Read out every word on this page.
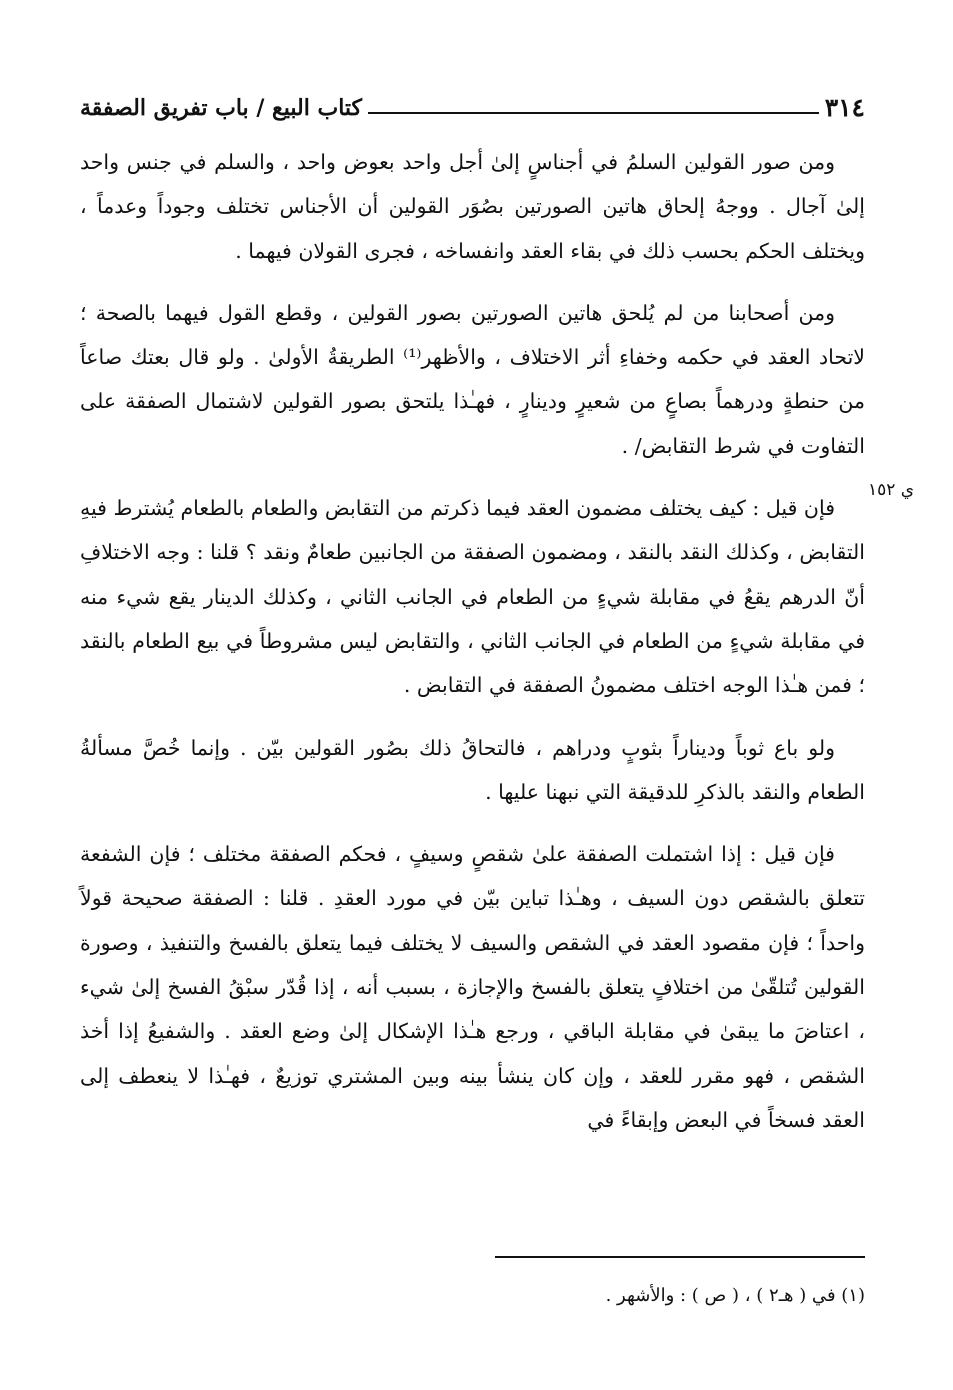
٣١٤
كتاب البيع / باب تفريق الصفقة

ومن صور القولين السلمُ في أجناسٍ إلىٰ أجل واحد بعوض واحد ، والسلم في جنس واحد إلىٰ آجال . ووجهُ إلحاق هاتين الصورتين بصُوَر القولين أن الأجناس تختلف وجوداً وعدماً ، ويختلف الحكم بحسب ذلك في بقاء العقد وانفساخه ، فجرى القولان فيهما .

ومن أصحابنا من لم يُلحق هاتين الصورتين بصور القولين ، وقطع القول فيهما بالصحة ؛ لاتحاد العقد في حكمه وخفاءِ أثر الاختلاف ، والأظهر⁽¹⁾ الطريقةُ الأولىٰ . ولو قال بعتك صاعاً من حنطةٍ ودرهماً بصاعٍ من شعيرٍ ودينارٍ ، فهـٰذا يلتحق بصور القولين لاشتمال الصفقة على التفاوت في شرط التقابض/ .

فإن قيل : كيف يختلف مضمون العقد فيما ذكرتم من التقابض والطعام بالطعام يُشترط فيهِ التقابض ، وكذلك النقد بالنقد ، ومضمون الصفقة من الجانبين طعامٌ ونقد ؟ قلنا : وجه الاختلافِ أنّ الدرهم يقعُ في مقابلة شيءٍ من الطعام في الجانب الثاني ، وكذلك الدينار يقع شيء منه في مقابلة شيءٍ من الطعام في الجانب الثاني ، والتقابض ليس مشروطاً في بيع الطعام بالنقد ؛ فمن هـٰذا الوجه اختلف مضمونُ الصفقة في التقابض .

ولو باع ثوباً وديناراً بثوبٍ ودراهم ، فالتحاقُ ذلك بصُور القولين بيّن . وإنما خُصَّ مسألةُ الطعام والنقد بالذكرِ للدقيقة التي نبهنا عليها .

فإن قيل : إذا اشتملت الصفقة علىٰ شقصٍ وسيفٍ ، فحكم الصفقة مختلف ؛ فإن الشفعة تتعلق بالشقص دون السيف ، وهـٰذا تباين بيّن في مورد العقدِ . قلنا : الصفقة صحيحة قولاً واحداً ؛ فإن مقصود العقد في الشقص والسيف لا يختلف فيما يتعلق بالفسخ والتنفيذ ، وصورة القولين تُتلقّىٰ من اختلافٍ يتعلق بالفسخ والإجازة ، بسبب أنه ، إذا قُدّر سبْقُ الفسخ إلىٰ شيء ، اعتاضَ ما يبقىٰ في مقابلة الباقي ، ورجع هـٰذا الإشكال إلىٰ وضع العقد . والشفيعُ إذا أخذ الشقص ، فهو مقرر للعقد ، وإن كان ينشأ بينه وبين المشتري توزيعٌ ، فهـٰذا لا ينعطف إلى العقد فسخاً في البعض وإبقاءً في

ي ١٥٢
(١) في ( هـ٢ ) ، ( ص ) : والأشهر .
